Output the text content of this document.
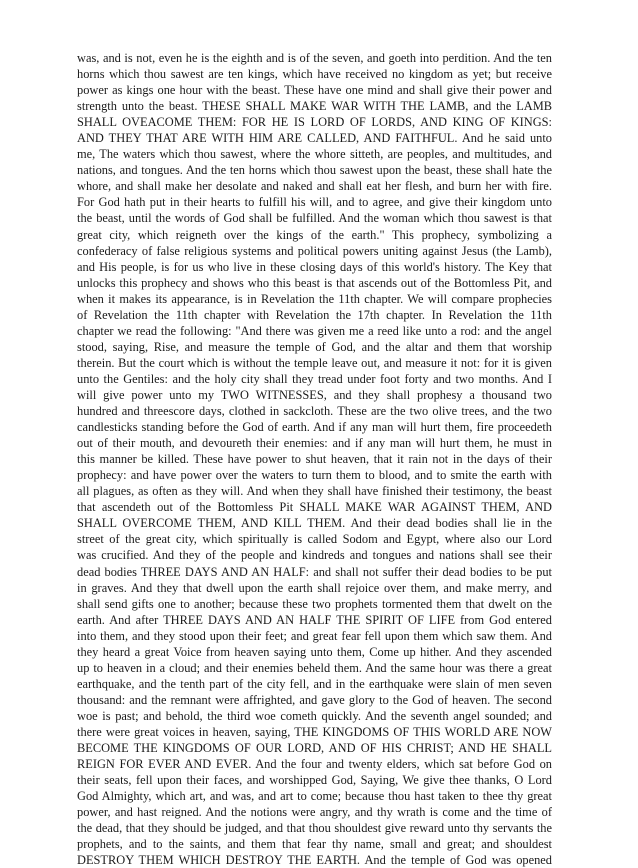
was, and is not, even he is the eighth and is of the seven, and goeth into perdition. And the ten
horns which thou sawest are ten kings, which have received no kingdom as yet; but receive
power as kings one hour with the beast. These have one mind and shall give their power and
strength unto the beast. THESE SHALL MAKE WAR WITH THE LAMB, and the LAMB
SHALL OVEACOME THEM: FOR HE IS LORD OF LORDS, AND KING OF KINGS:
AND THEY THAT ARE WITH HIM ARE CALLED, AND FAITHFUL. And he said unto
me, The waters which thou sawest, where the whore sitteth, are peoples, and multitudes, and
nations, and tongues. And the ten horns which thou sawest upon the beast, these shall hate the
whore, and shall make her desolate and naked and shall eat her flesh, and burn her with fire.
For God hath put in their hearts to fulfill his will, and to agree, and give their kingdom unto
the beast, until the words of God shall be fulfilled. And the woman which thou sawest is that
great city, which reigneth over the kings of the earth." This prophecy, symbolizing a
confederacy of false religious systems and political powers uniting against Jesus (the Lamb),
and His people, is for us who live in these closing days of this world's history. The Key that
unlocks this prophecy and shows who this beast is that ascends out of the Bottomless Pit, and
when it makes its appearance, is in Revelation the 11th chapter. We will compare prophecies
of Revelation the 11th chapter with Revelation the 17th chapter. In Revelation the 11th
chapter we read the following: "And there was given me a reed like unto a rod: and the angel
stood, saying, Rise, and measure the temple of God, and the altar and them that worship
therein. But the court which is without the temple leave out, and measure it not: for it is given
unto the Gentiles: and the holy city shall they tread under foot forty and two months. And I
will give power unto my TWO WITNESSES, and they shall prophesy a thousand two
hundred and threescore days, clothed in sackcloth. These are the two olive trees, and the two
candlesticks standing before the God of earth. And if any man will hurt them, fire proceedeth
out of their mouth, and devoureth their enemies: and if any man will hurt them, he must in
this manner be killed. These have power to shut heaven, that it rain not in the days of their
prophecy: and have power over the waters to turn them to blood, and to smite the earth with
all plagues, as often as they will. And when they shall have finished their testimony, the beast
that ascendeth out of the Bottomless Pit SHALL MAKE WAR AGAINST THEM, AND
SHALL OVERCOME THEM, AND KILL THEM. And their dead bodies shall lie in the
street of the great city, which spiritually is called Sodom and Egypt, where also our Lord
was crucified. And they of the people and kindreds and tongues and nations shall see their
dead bodies THREE DAYS AND AN HALF: and shall not suffer their dead bodies to be put
in graves. And they that dwell upon the earth shall rejoice over them, and make merry, and
shall send gifts one to another; because these two prophets tormented them that dwelt on the
earth. And after THREE DAYS AND AN HALF THE SPIRIT OF LIFE from God entered
into them, and they stood upon their feet; and great fear fell upon them which saw them. And
they heard a great Voice from heaven saying unto them, Come up hither. And they ascended
up to heaven in a cloud; and their enemies beheld them. And the same hour was there a great
earthquake, and the tenth part of the city fell, and in the earthquake were slain of men seven
thousand: and the remnant were affrighted, and gave glory to the God of heaven. The second
woe is past; and behold, the third woe cometh quickly. And the seventh angel sounded; and
there were great voices in heaven, saying, THE KINGDOMS OF THIS WORLD ARE NOW
BECOME THE KINGDOMS OF OUR LORD, AND OF HIS CHRIST; AND HE SHALL
REIGN FOR EVER AND EVER. And the four and twenty elders, which sat before God on
their seats, fell upon their faces, and worshipped God, Saying, We give thee thanks, O Lord
God Almighty, which art, and was, and art to come; because thou hast taken to thee thy great
power, and hast reigned. And the notions were angry, and thy wrath is come and the time of
the dead, that they should be judged, and that thou shouldest give reward unto thy servants the
prophets, and to the saints, and them that fear thy name, small and great; and shouldest
DESTROY THEM WHICH DESTROY THE EARTH. And the temple of God was opened
